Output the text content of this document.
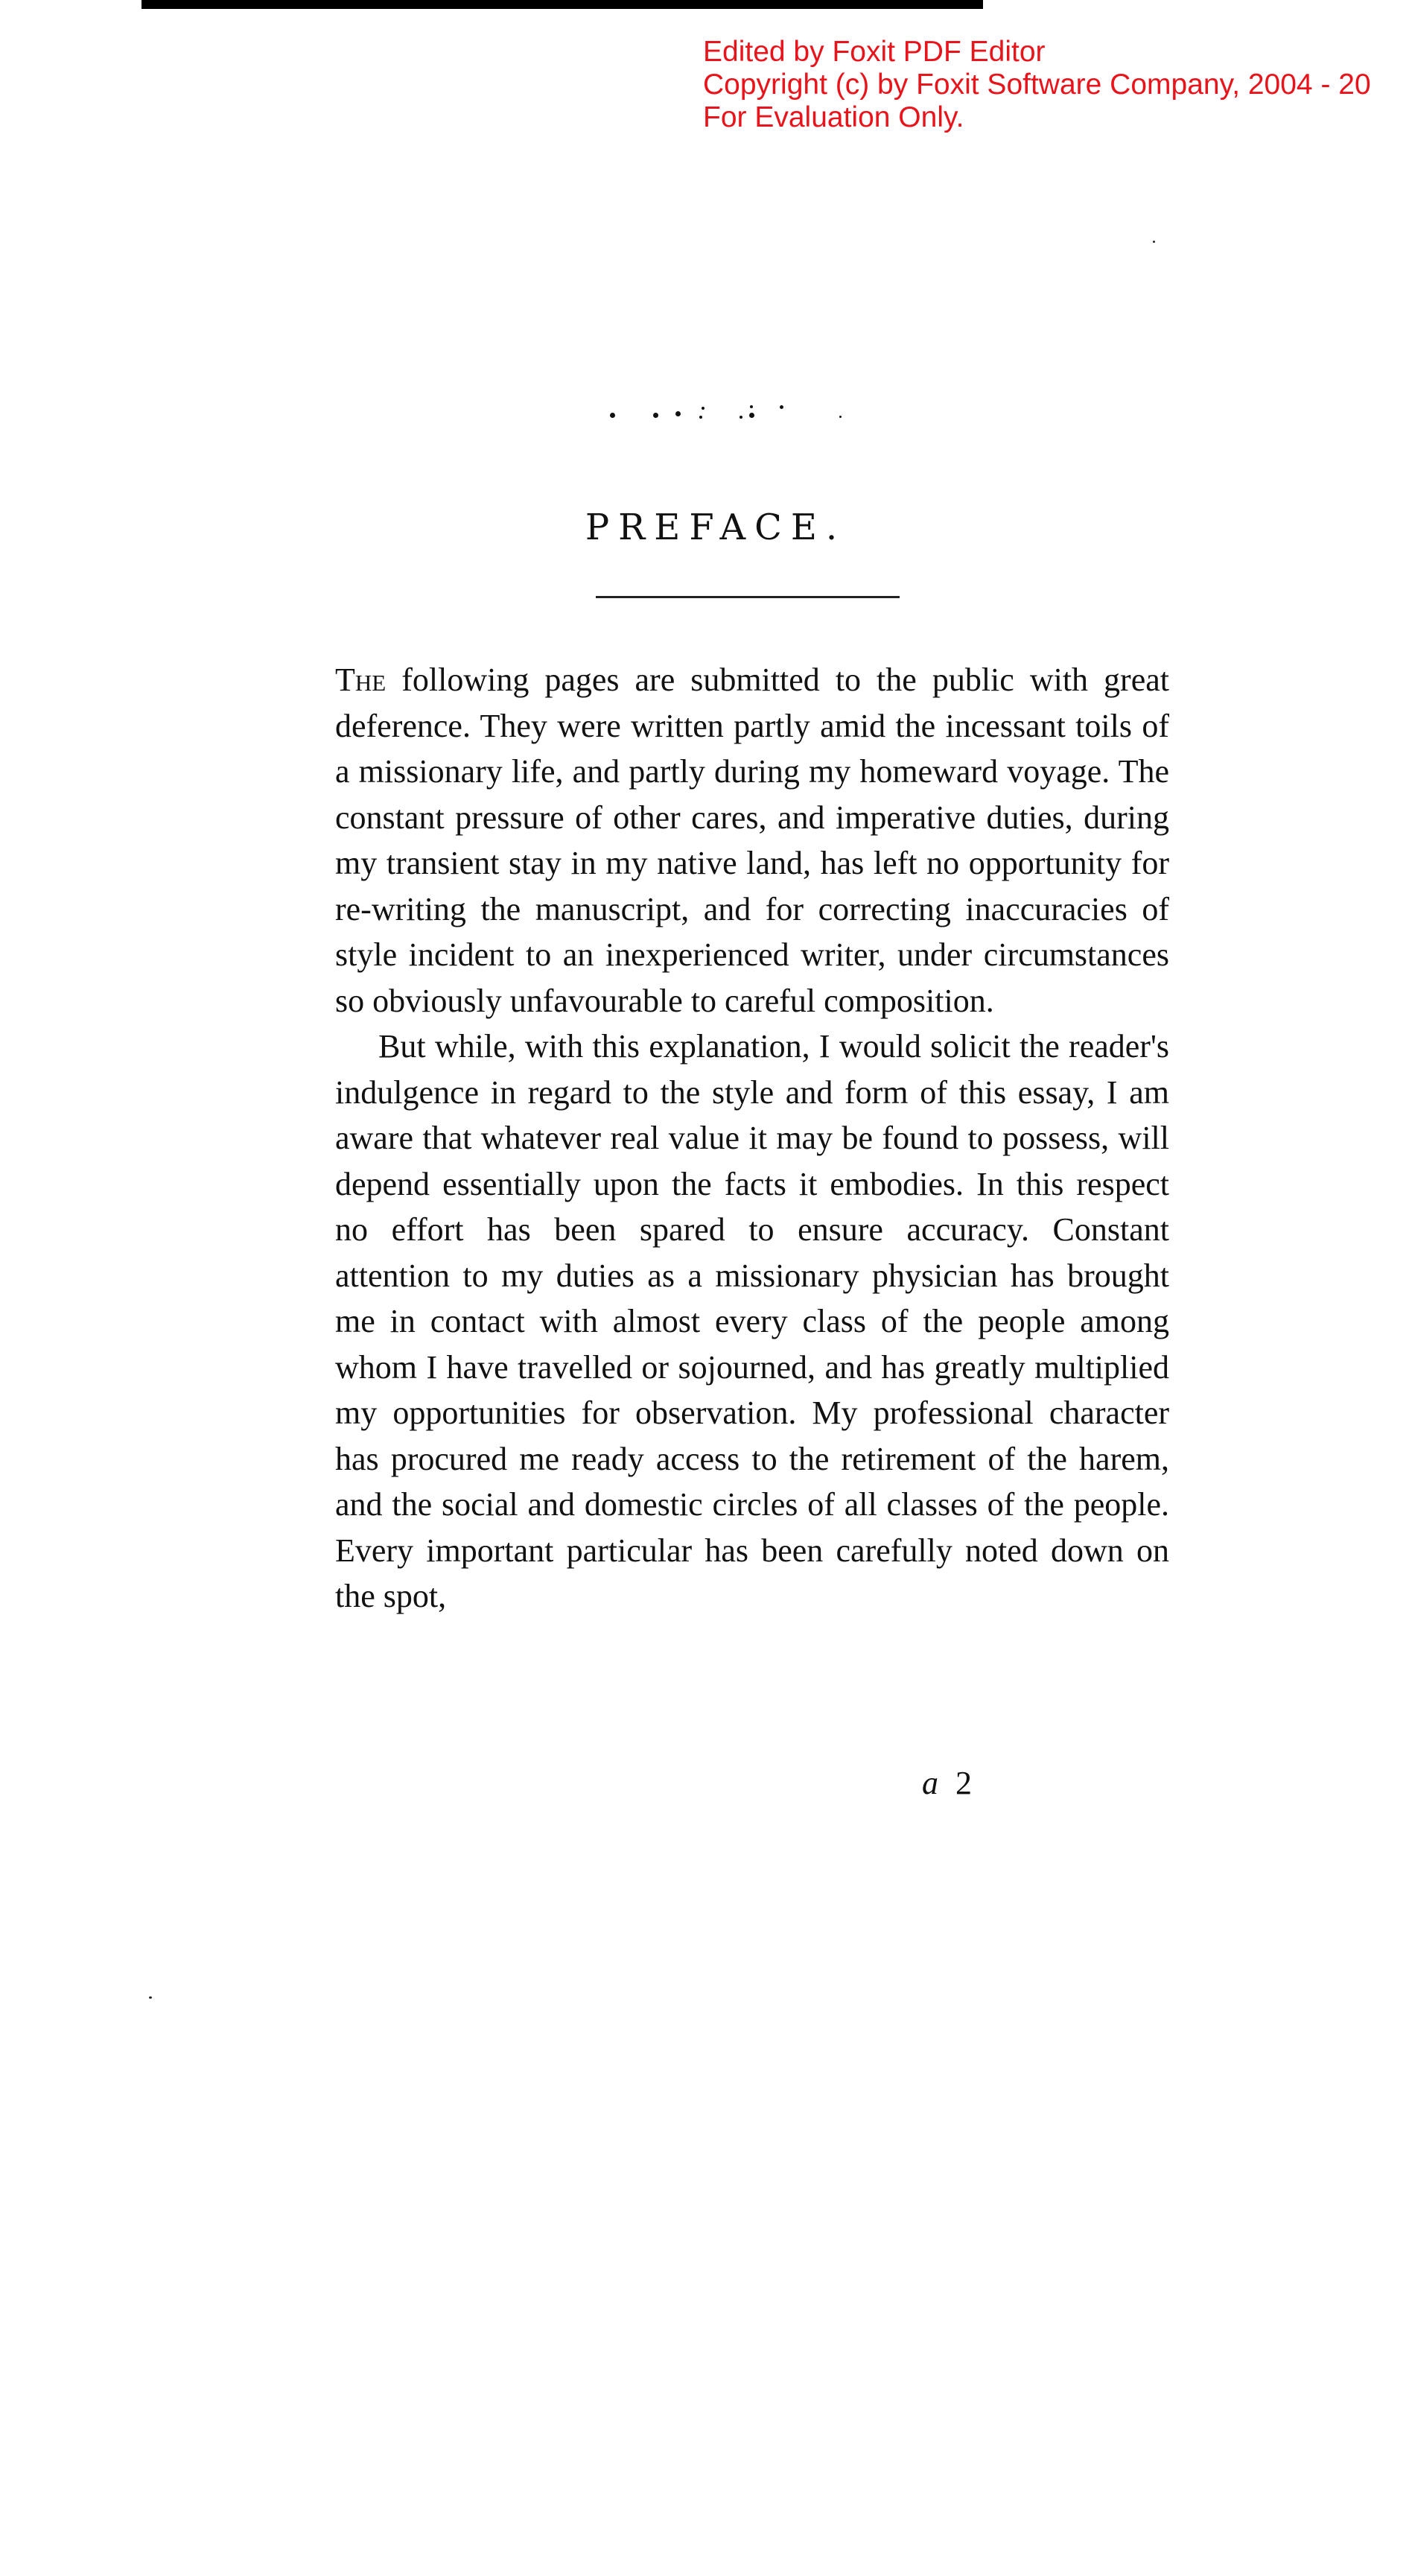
Edited by Foxit PDF Editor
Copyright (c) by Foxit Software Company, 2004 - 20
For Evaluation Only.
PREFACE.

The following pages are submitted to the public with great deference. They were written partly amid the incessant toils of a missionary life, and partly during my homeward voyage. The constant pressure of other cares, and imperative duties, during my transient stay in my native land, has left no opportunity for re-writing the manuscript, and for correcting inaccuracies of style incident to an inexperienced writer, under circumstances so obviously unfavourable to careful composition.

But while, with this explanation, I would solicit the reader's indulgence in regard to the style and form of this essay, I am aware that whatever real value it may be found to possess, will depend essentially upon the facts it embodies. In this respect no effort has been spared to ensure accuracy. Constant attention to my duties as a missionary physician has brought me in contact with almost every class of the people among whom I have travelled or sojourned, and has greatly multiplied my opportunities for observation. My professional character has procured me ready access to the retirement of the harem, and the social and domestic circles of all classes of the people. Every important particular has been carefully noted down on the spot,

a 2
